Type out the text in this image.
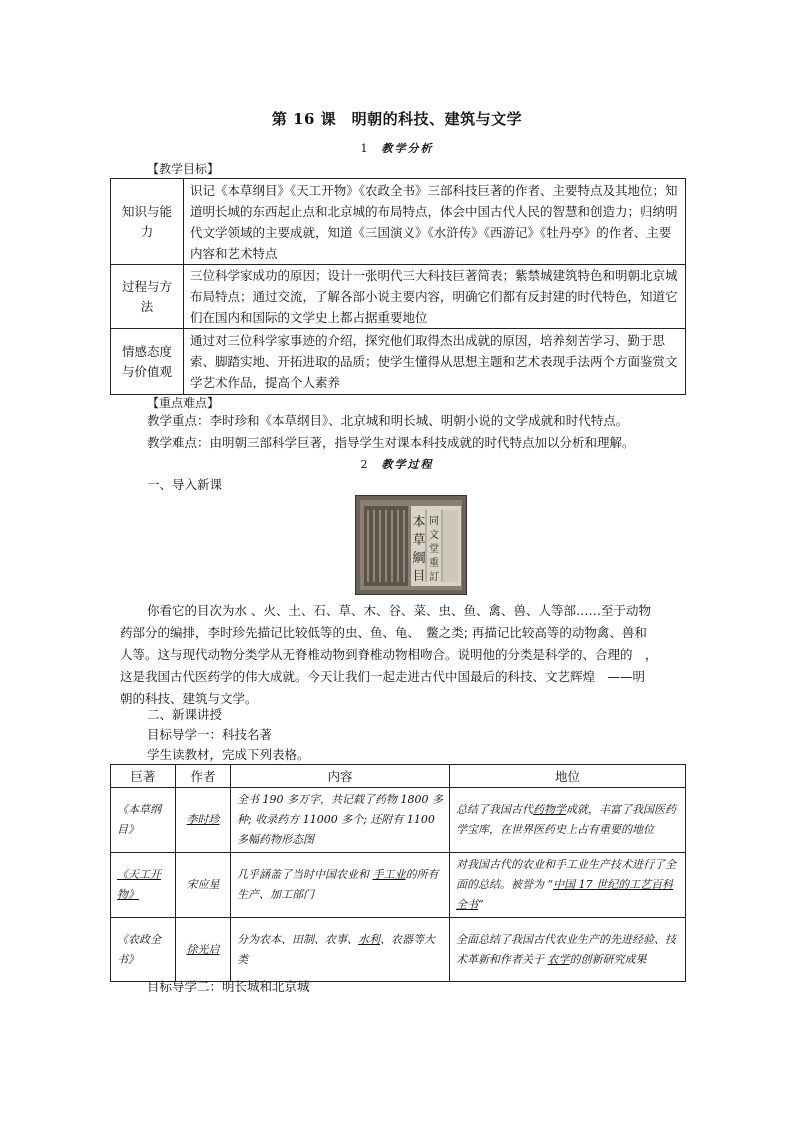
第 16 课　明朝的科技、建筑与文学
1 教学分析
【教学目标】
知识与能力	识记《本草纲目》《天工开物》《农政全书》三部科技巨著的作者、主要特点及其地位；知道明长城的东西起止点和北京城的布局特点，体会中国古代人民的智慧和创造力；归纳明代文学领域的主要成就，知道《三国演义》《水浒传》《西游记》《牡丹亭》的作者、主要内容和艺术特点
过程与方法	三位科学家成功的原因；设计一张明代三大科技巨著简表；紫禁城建筑特色和明朝北京城布局特点；通过交流，了解各部小说主要内容，明确它们都有反封建的时代特色，知道它们在国内和国际的文学史上都占据重要地位
情感态度与价值观	通过对三位科学家事迹的介绍，探究他们取得杰出成就的原因，培养刻苦学习、勤于思索、脚踏实地、开拓进取的品质；使学生懂得从思想主题和艺术表现手法两个方面鉴赏文学艺术作品，提高个人素养
【重点难点】
教学重点：李时珍和《本草纲目》、北京城和明长城、明朝小说的文学成就和时代特点。
教学难点：由明朝三部科学巨著，指导学生对课本科技成就的时代特点加以分析和理解。
2 教学过程
一、导入新课
本
草
綱
目
同
文
堂
重
訂
你看它的目次为水 、火、土、石、草、木、谷、菜、虫、鱼、禽、兽、人等部……至于动物
药部分的编排，李时珍先描记比较低等的虫、鱼、龟、　鳖之类; 再描记比较高等的动物禽、兽和
人等。这与现代动物分类学从无脊椎动物到脊椎动物相吻合。说明他的分类是科学的、合理的　，
这是我国古代医药学的伟大成就。今天让我们一起走进古代中国最后的科技、文艺辉煌　——明
朝的科技、建筑与文学。
二、新课讲授
目标导学一：科技名著
学生读教材，完成下列表格。
巨著	作者	内容	地位
《本草纲目》	李时珍	全书 190 多万字，共记载了药物 1800 多种; 收录药方 11000 多个; 还附有 1100 多幅药物形态图	总结了我国古代药物学成就，丰富了我国医药学宝库，在世界医药史上占有重要的地位
《天工开物》	宋应星	几乎涵盖了当时中国农业和 手工业的所有生产、加工部门	对我国古代的农业和手工业生产技术进行了全面的总结。被誉为 “中国 17 世纪的工艺百科全书”
《农政全书》	徐光启	分为农本、田制、农事、水利、农器等大类	全面总结了我国古代农业生产的先进经验、技术革新和作者关于 农学的创新研究成果
目标导学二：明长城和北京城
